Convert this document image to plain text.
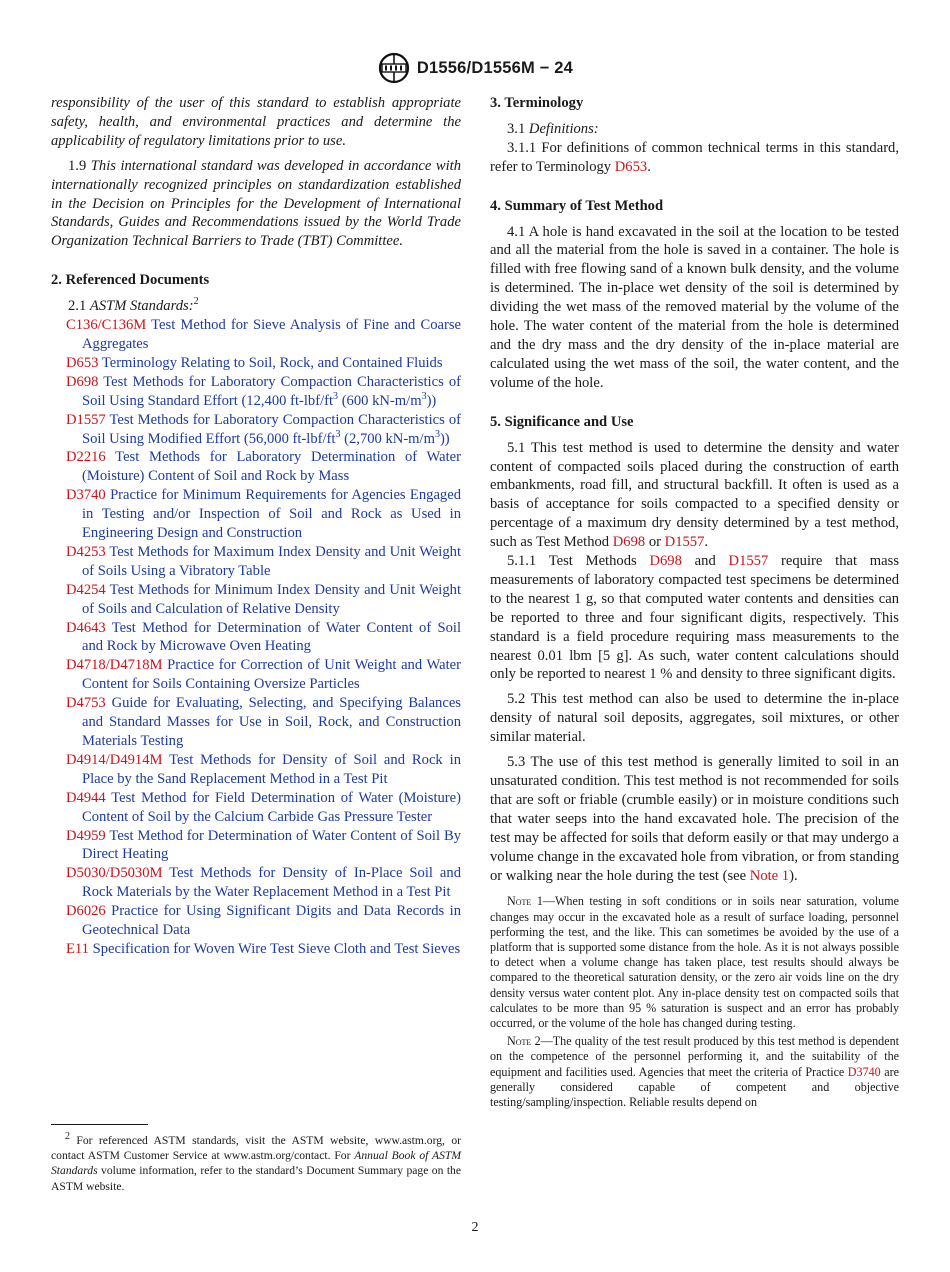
D1556/D1556M − 24

responsibility of the user of this standard to establish appropriate safety, health, and environmental practices and determine the applicability of regulatory limitations prior to use.

1.9 This international standard was developed in accordance with internationally recognized principles on standardization established in the Decision on Principles for the Development of International Standards, Guides and Recommendations issued by the World Trade Organization Technical Barriers to Trade (TBT) Committee.

2. Referenced Documents

2.1 ASTM Standards:$^2$

C136/C136M Test Method for Sieve Analysis of Fine and Coarse Aggregates

D653 Terminology Relating to Soil, Rock, and Contained Fluids

D698 Test Methods for Laboratory Compaction Characteristics of Soil Using Standard Effort (12,400 $ft-lbf/ft^3$ (600 $kN-m/m^3$))

D1557 Test Methods for Laboratory Compaction Characteristics of Soil Using Modified Effort (56,000 $ft-lbf/ft^3$ (2,700 $kN-m/m^3$))

D2216 Test Methods for Laboratory Determination of Water (Moisture) Content of Soil and Rock by Mass

D3740 Practice for Minimum Requirements for Agencies Engaged in Testing and/or Inspection of Soil and Rock as Used in Engineering Design and Construction

D4253 Test Methods for Maximum Index Density and Unit Weight of Soils Using a Vibratory Table

D4254 Test Methods for Minimum Index Density and Unit Weight of Soils and Calculation of Relative Density

D4643 Test Method for Determination of Water Content of Soil and Rock by Microwave Oven Heating

D4718/D4718M Practice for Correction of Unit Weight and Water Content for Soils Containing Oversize Particles

D4753 Guide for Evaluating, Selecting, and Specifying Balances and Standard Masses for Use in Soil, Rock, and Construction Materials Testing

D4914/D4914M Test Methods for Density of Soil and Rock in Place by the Sand Replacement Method in a Test Pit

D4944 Test Method for Field Determination of Water (Moisture) Content of Soil by the Calcium Carbide Gas Pressure Tester

D4959 Test Method for Determination of Water Content of Soil By Direct Heating

D5030/D5030M Test Methods for Density of In-Place Soil and Rock Materials by the Water Replacement Method in a Test Pit

D6026 Practice for Using Significant Digits and Data Records in Geotechnical Data

E11 Specification for Woven Wire Test Sieve Cloth and Test Sieves

$^2$ For referenced ASTM standards, visit the ASTM website, www.astm.org, or contact ASTM Customer Service at www.astm.org/contact. For Annual Book of ASTM Standards volume information, refer to the standard’s Document Summary page on the ASTM website.

3. Terminology

3.1 Definitions:

3.1.1 For definitions of common technical terms in this standard, refer to Terminology D653.

4. Summary of Test Method

4.1 A hole is hand excavated in the soil at the location to be tested and all the material from the hole is saved in a container. The hole is filled with free flowing sand of a known bulk density, and the volume is determined. The in-place wet density of the soil is determined by dividing the wet mass of the removed material by the volume of the hole. The water content of the material from the hole is determined and the dry mass and the dry density of the in-place material are calculated using the wet mass of the soil, the water content, and the volume of the hole.

5. Significance and Use

5.1 This test method is used to determine the density and water content of compacted soils placed during the construction of earth embankments, road fill, and structural backfill. It often is used as a basis of acceptance for soils compacted to a specified density or percentage of a maximum dry density determined by a test method, such as Test Method D698 or D1557.

5.1.1 Test Methods D698 and D1557 require that mass measurements of laboratory compacted test specimens be determined to the nearest 1 g, so that computed water contents and densities can be reported to three and four significant digits, respectively. This standard is a field procedure requiring mass measurements to the nearest 0.01 lbm [5 g]. As such, water content calculations should only be reported to nearest 1 % and density to three significant digits.

5.2 This test method can also be used to determine the in-place density of natural soil deposits, aggregates, soil mixtures, or other similar material.

5.3 The use of this test method is generally limited to soil in an unsaturated condition. This test method is not recommended for soils that are soft or friable (crumble easily) or in moisture conditions such that water seeps into the hand excavated hole. The precision of the test may be affected for soils that deform easily or that may undergo a volume change in the excavated hole from vibration, or from standing or walking near the hole during the test (see Note 1).

Note 1—When testing in soft conditions or in soils near saturation, volume changes may occur in the excavated hole as a result of surface loading, personnel performing the test, and the like. This can sometimes be avoided by the use of a platform that is supported some distance from the hole. As it is not always possible to detect when a volume change has taken place, test results should always be compared to the theoretical saturation density, or the zero air voids line on the dry density versus water content plot. Any in-place density test on compacted soils that calculates to be more than 95 % saturation is suspect and an error has probably occurred, or the volume of the hole has changed during testing.

Note 2—The quality of the test result produced by this test method is dependent on the competence of the personnel performing it, and the suitability of the equipment and facilities used. Agencies that meet the criteria of Practice D3740 are generally considered capable of competent and objective testing/sampling/inspection. Reliable results depend on

2
